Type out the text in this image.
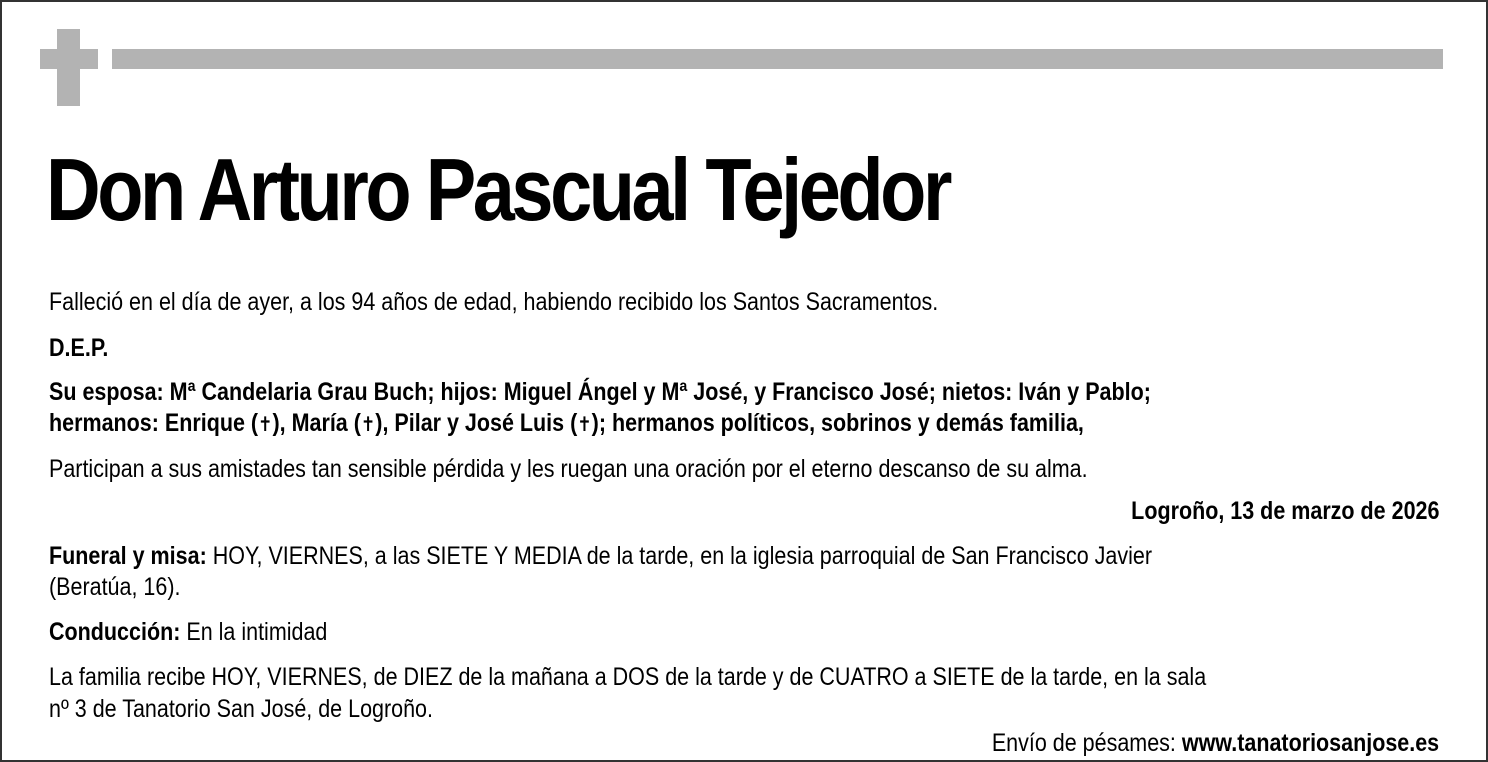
Don Arturo Pascual Tejedor
Falleció en el día de ayer, a los 94 años de edad, habiendo recibido los Santos Sacramentos.
D.E.P.
Su esposa: Mª Candelaria Grau Buch; hijos: Miguel Ángel y Mª José, y Francisco José; nietos: Iván y Pablo;
hermanos: Enrique (✝), María (✝), Pilar y José Luis (✝); hermanos políticos, sobrinos y demás familia,
Participan a sus amistades tan sensible pérdida y les ruegan una oración por el eterno descanso de su alma.
Logroño, 13 de marzo de 2026
Funeral y misa: HOY, VIERNES, a las SIETE Y MEDIA de la tarde, en la iglesia parroquial de San Francisco Javier
(Beratúa, 16).
Conducción: En la intimidad
La familia recibe HOY, VIERNES, de DIEZ de la mañana a DOS de la tarde y de CUATRO a SIETE de la tarde, en la sala
nº 3 de Tanatorio San José, de Logroño.
Envío de pésames: www.tanatoriosanjose.es
